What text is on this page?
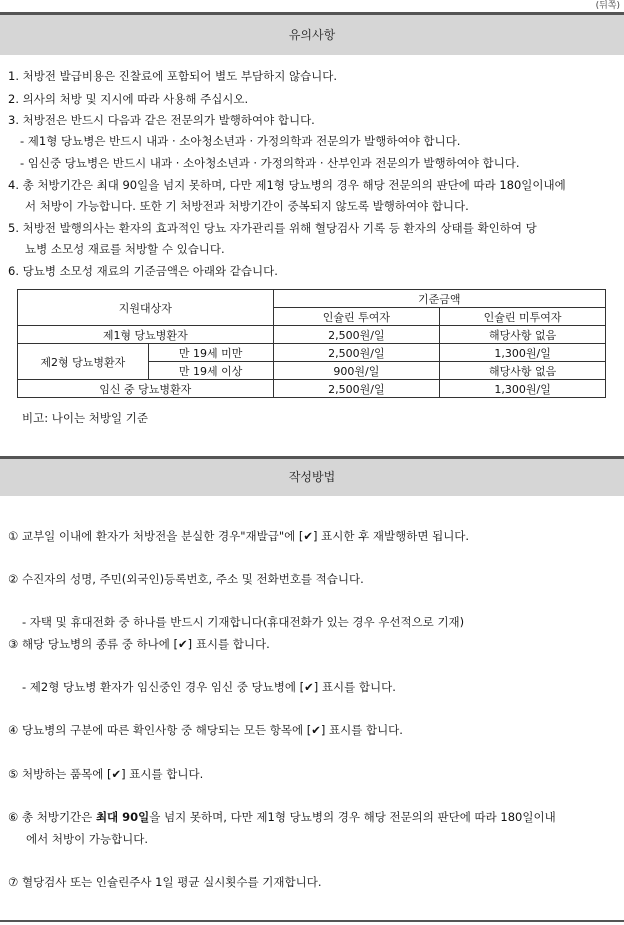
(뒤쪽)
유의사항
1. 처방전 발급비용은 진찰료에 포함되어 별도 부담하지 않습니다.
2. 의사의 처방 및 지시에 따라 사용해 주십시오.
3. 처방전은 반드시 다음과 같은 전문의가 발행하여야 합니다.
- 제1형 당뇨병은 반드시 내과 · 소아청소년과 · 가정의학과 전문의가 발행하여야 합니다.
- 임신중 당뇨병은 반드시 내과 · 소아청소년과 · 가정의학과 · 산부인과 전문의가 발행하여야 합니다.
4. 총 처방기간은 최대 90일을 넘지 못하며, 다만 제1형 당뇨병의 경우 해당 전문의의 판단에 따라 180일이내에
서 처방이 가능합니다. 또한 기 처방전과 처방기간이 중복되지 않도록 발행하여야 합니다.
5. 처방전 발행의사는 환자의 효과적인 당뇨 자가관리를 위해 혈당검사 기록 등 환자의 상태를 확인하여 당
뇨병 소모성 재료를 처방할 수 있습니다.
6. 당뇨병 소모성 재료의 기준금액은 아래와 같습니다.
지원대상자		기준금액	
		인슐린 투여자	인슐린 미투여자
제1형 당뇨병환자		2,500원/일	해당사항 없음
제2형 당뇨병환자	만 19세 미만	2,500원/일	1,300원/일
	만 19세 이상	900원/일	해당사항 없음
임신 중 당뇨병환자		2,500원/일	1,300원/일
비고: 나이는 처방일 기준
작성방법
① 교부일 이내에 환자가 처방전을 분실한 경우"재발급"에 [✔] 표시한 후 재발행하면 됩니다.
② 수진자의 성명, 주민(외국인)등록번호, 주소 및 전화번호를 적습니다.
- 자택 및 휴대전화 중 하나를 반드시 기재합니다(휴대전화가 있는 경우 우선적으로 기재)
③ 해당 당뇨병의 종류 중 하나에 [✔] 표시를 합니다.
- 제2형 당뇨병 환자가 임신중인 경우 임신 중 당뇨병에 [✔] 표시를 합니다.
④ 당뇨병의 구분에 따른 확인사항 중 해당되는 모든 항목에 [✔] 표시를 합니다.
⑤ 처방하는 품목에 [✔] 표시를 합니다.
⑥ 총 처방기간은 최대 90일을 넘지 못하며, 다만 제1형 당뇨병의 경우 해당 전문의의 판단에 따라 180일이내
에서 처방이 가능합니다.
⑦ 혈당검사 또는 인슐린주사 1일 평균 실시횟수를 기재합니다.
